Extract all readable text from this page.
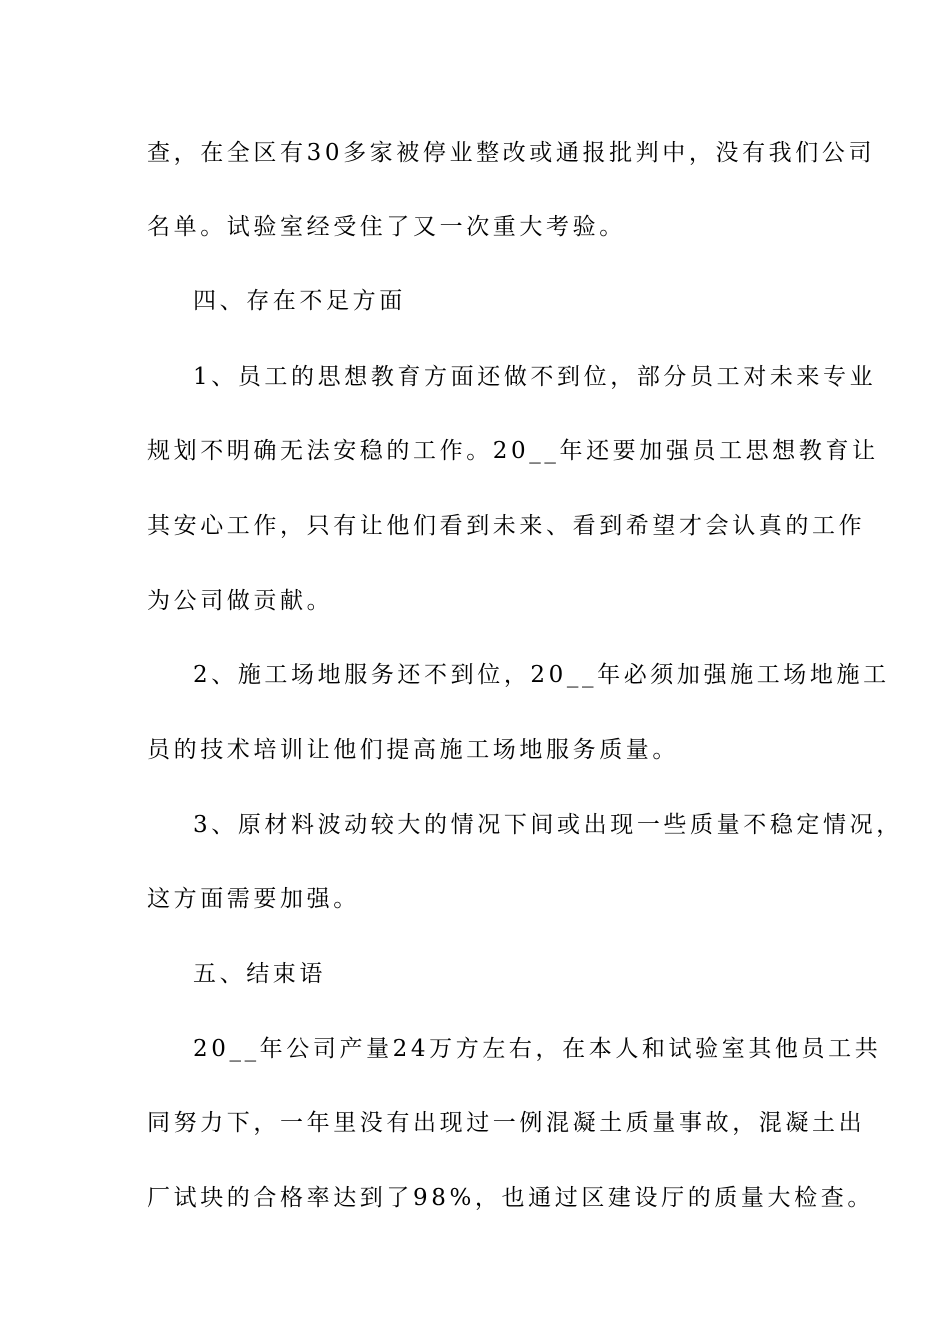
查，在全区有30多家被停业整改或通报批判中，没有我们公司
名单。试验室经受住了又一次重大考验。
四、存在不足方面
1、员工的思想教育方面还做不到位，部分员工对未来专业
规划不明确无法安稳的工作。20__年还要加强员工思想教育让
其安心工作，只有让他们看到未来、看到希望才会认真的工作
为公司做贡献。
2、施工场地服务还不到位，20__年必须加强施工场地施工
员的技术培训让他们提高施工场地服务质量。
3、原材料波动较大的情况下间或出现一些质量不稳定情况，
这方面需要加强。
五、结束语
20__年公司产量24万方左右，在本人和试验室其他员工共
同努力下，一年里没有出现过一例混凝土质量事故，混凝土出
厂试块的合格率达到了98%，也通过区建设厅的质量大检查。
